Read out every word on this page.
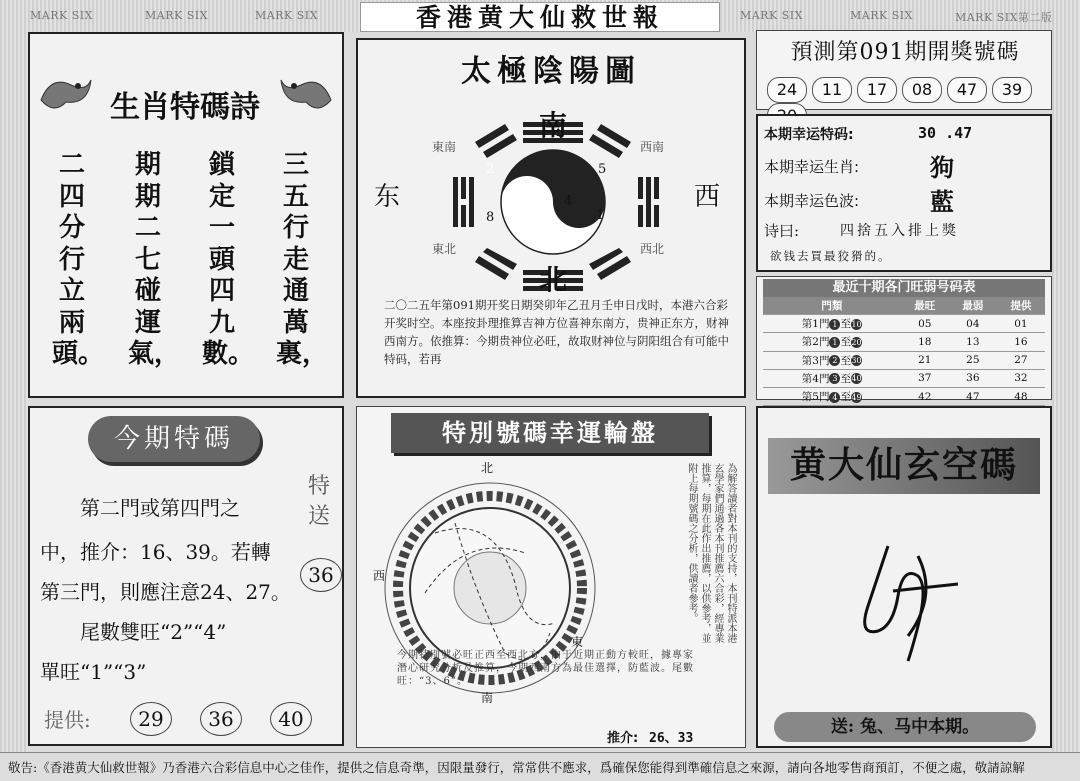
MARK SIX	MARK SIX	MARK SIX	MARK SIX	MARK SIX	MARK SIX第二版
香港黄大仙救世報
生肖特碼詩
二四分行立兩頭。
期期二七碰運氣，
鎖定一頭四九數。
三五行走通萬裏，
太極陰陽圖
南
北
东	西
2	5
4
8	1
東南	西南
東北	西北
二〇二五年第091期开奖日期癸卯年乙丑月壬申日戊时，本港六合彩开奖时空。本座按卦理推算吉神方位喜神东南方，贵神正东方，财神西南方。依推算：今期贵神位必旺，故取财神位与阴阳组合有可能中特码，若再
預測第091期開獎號碼
24 11 17 08 47 39
本期幸运特码:	30 .47
本期幸运生肖:	狗
本期幸运色波:	藍
诗曰:	四捨五入排上獎
欲钱去買最狡猾的。
最近十期各门旺弱号码表
門類	最旺	最弱	提供
第1門 1 至10	05	04	01
第2門 1 至20	18	13	16
第3門 2 至30	21	25	27
第4門 3 至40	37	36	32
第5門 4 至49	42	47	48
今期特碼
特送
36
第二門或第四門之
中，推介：16、39。若轉
第三門，則應注意24、27。
尾數雙旺“2”“4”
單旺“1”“3”
提供:	29	36	40
特別號碼幸運輪盤
北
東
南
西	為解答讀者對本刊的支持，本刊特派本港玄學家們通過各本刊推薦六合彩，經專業推算，每期在此作出推薦，以供參考，並附上每期號碼之分析，供讀者參考。
今期特別號必旺正西至西北方，由于近期正動方較旺，據專家潛心研究分析及推算，今期西南方為最佳選擇，防藍波。尾數旺：“3、6”。
推介: 26、33
黄大仙玄空碼
送: 兔、马中本期。
敬告:《香港黄大仙救世報》乃香港六合彩信息中心之佳作，提供之信息奇準，因限量發行，常常供不應求，爲確保您能得到準確信息之來源，請向各地零售商預訂，不便之處，敬請諒解
